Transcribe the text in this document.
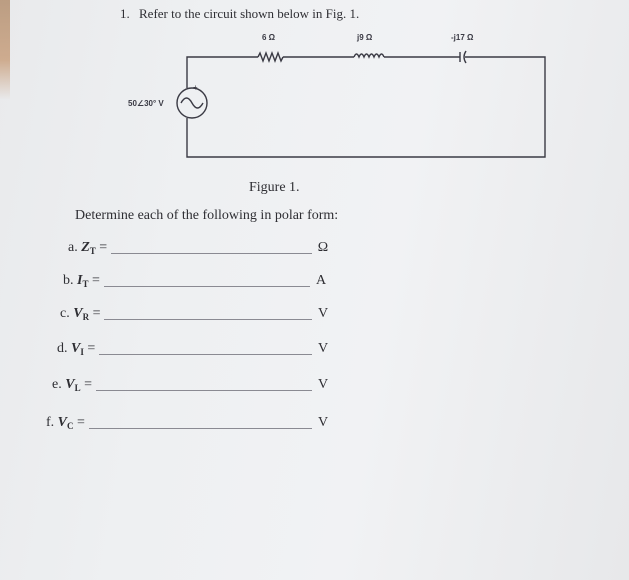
1. Refer to the circuit shown below in Fig. 1.
+
50∠30° V
6 Ω	j9 Ω	-j17 Ω
Figure 1.
Determine each of the following in polar form:
a.
Z T =	Ω
b.
I T =	A
c.
V R =	V
d.
V I =	V
e.
V L =	V
f.
V C =	V
